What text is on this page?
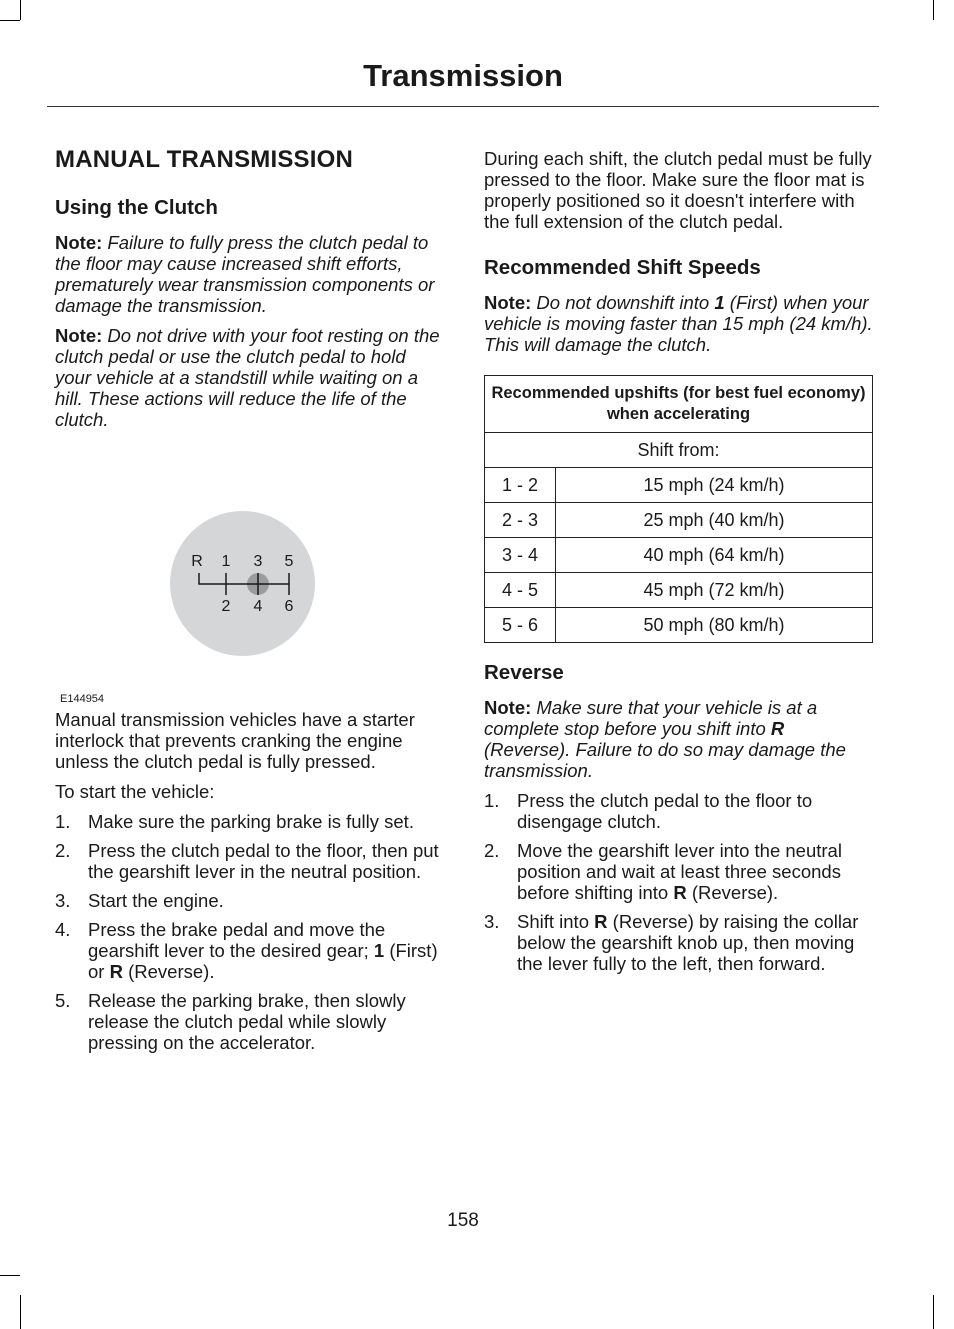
Transmission
MANUAL TRANSMISSION
Using the Clutch

Note: Failure to fully press the clutch pedal to the floor may cause increased shift efforts, prematurely wear transmission components or damage the transmission.

Note: Do not drive with your foot resting on the clutch pedal or use the clutch pedal to hold your vehicle at a standstill while waiting on a hill. These actions will reduce the life of the clutch.

R 1 3 5
2 4 6
E144954

Manual transmission vehicles have a starter interlock that prevents cranking the engine unless the clutch pedal is fully pressed.

To start the vehicle:

1. Make sure the parking brake is fully set.
2. Press the clutch pedal to the floor, then put the gearshift lever in the neutral position.
3. Start the engine.
4. Press the brake pedal and move the gearshift lever to the desired gear; 1 (First) or R (Reverse).
5. Release the parking brake, then slowly release the clutch pedal while slowly pressing on the accelerator.

During each shift, the clutch pedal must be fully pressed to the floor. Make sure the floor mat is properly positioned so it doesn't interfere with the full extension of the clutch pedal.

Recommended Shift Speeds

Note: Do not downshift into 1 (First) when your vehicle is moving faster than 15 mph (24 km/h). This will damage the clutch.

Recommended upshifts (for best fuel economy) when accelerating	
Shift from:	
1 - 2	15 mph (24 km/h)
2 - 3	25 mph (40 km/h)
3 - 4	40 mph (64 km/h)
4 - 5	45 mph (72 km/h)
5 - 6	50 mph (80 km/h)
Reverse

Note: Make sure that your vehicle is at a complete stop before you shift into R (Reverse). Failure to do so may damage the transmission.

1. Press the clutch pedal to the floor to disengage clutch.
2. Move the gearshift lever into the neutral position and wait at least three seconds before shifting into R (Reverse).
3. Shift into R (Reverse) by raising the collar below the gearshift knob up, then moving the lever fully to the left, then forward.
158
